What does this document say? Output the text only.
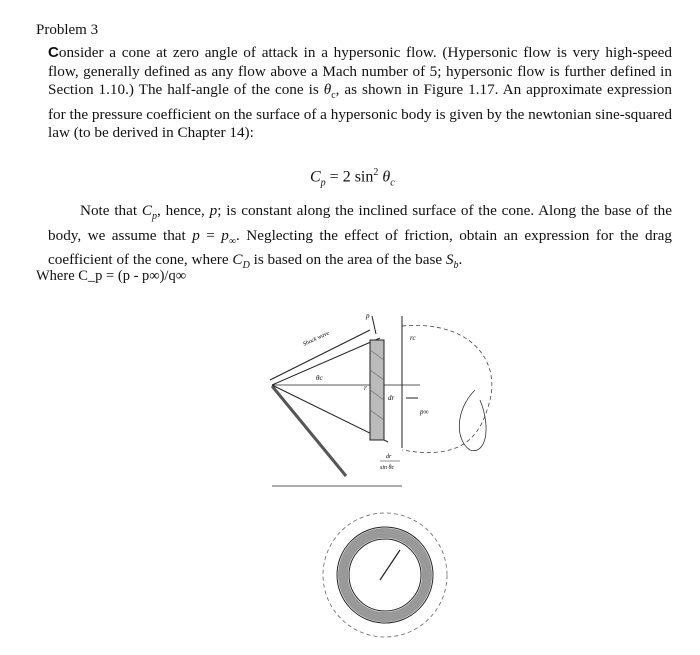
Problem 3
Consider a cone at zero angle of attack in a hypersonic flow. (Hypersonic flow is very high-speed flow, generally defined as any flow above a Mach number of 5; hypersonic flow is further defined in Section 1.10.) The half-angle of the cone is $\theta_c$, as shown in Figure 1.17. An approximate expression for the pressure coefficient on the surface of a hypersonic body is given by the newtonian sine-squared law (to be derived in Chapter 14):
$C_p = 2$ $\sin^2 \theta_c$
Note that $C_p$, hence, p; is constant along the inclined surface of the cone. Along the base of the body, we assume that $p = p_\infty$. Neglecting the effect of friction, obtain an expression for the drag coefficient of the cone, where $C_D$ is based on the area of the base $S_b$.
Where C_p = (p - p∞)/q∞
Shock wave
θc
p
rc
dr
r
p∞
dr
sin θc
